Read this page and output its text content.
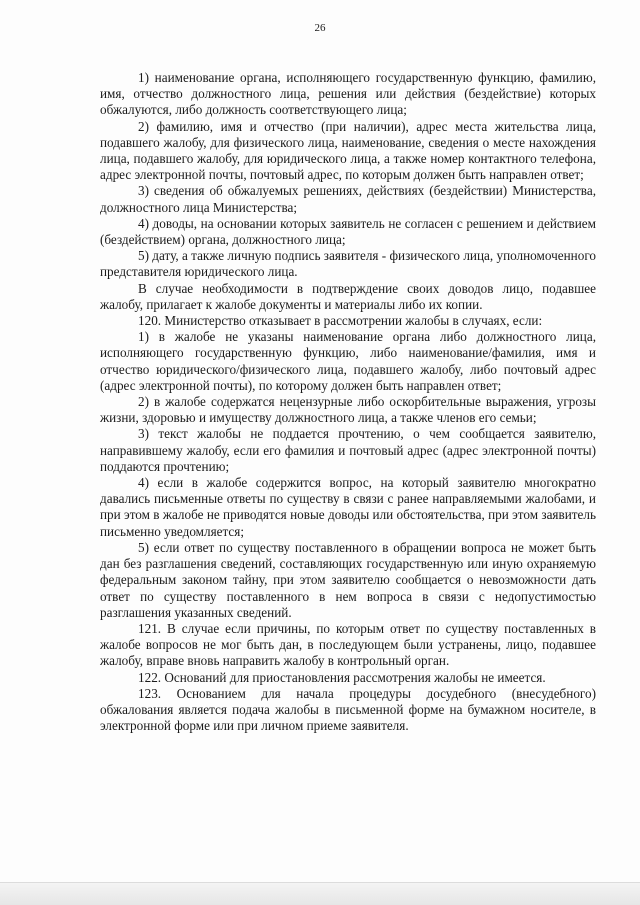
26

1) наименование органа, исполняющего государственную функцию, фамилию, имя, отчество должностного лица, решения или действия (бездействие) которых обжалуются, либо должность соответствующего лица;

2) фамилию, имя и отчество (при наличии), адрес места жительства лица, подавшего жалобу, для физического лица, наименование, сведения о месте нахождения лица, подавшего жалобу, для юридического лица, а также номер контактного телефона, адрес электронной почты, почтовый адрес, по которым должен быть направлен ответ;

3) сведения об обжалуемых решениях, действиях (бездействии) Министерства, должностного лица Министерства;

4) доводы, на основании которых заявитель не согласен с решением и действием (бездействием) органа, должностного лица;

5) дату, а также личную подпись заявителя - физического лица, уполномоченного представителя юридического лица.

В случае необходимости в подтверждение своих доводов лицо, подавшее жалобу, прилагает к жалобе документы и материалы либо их копии.

120. Министерство отказывает в рассмотрении жалобы в случаях, если:

1) в жалобе не указаны наименование органа либо должностного лица, исполняющего государственную функцию, либо наименование/фамилия, имя и отчество юридического/физического лица, подавшего жалобу, либо почтовый адрес (адрес электронной почты), по которому должен быть направлен ответ;

2) в жалобе содержатся нецензурные либо оскорбительные выражения, угрозы жизни, здоровью и имуществу должностного лица, а также членов его семьи;

3) текст жалобы не поддается прочтению, о чем сообщается заявителю, направившему жалобу, если его фамилия и почтовый адрес (адрес электронной почты) поддаются прочтению;

4) если в жалобе содержится вопрос, на который заявителю многократно давались письменные ответы по существу в связи с ранее направляемыми жалобами, и при этом в жалобе не приводятся новые доводы или обстоятельства, при этом заявитель письменно уведомляется;

5) если ответ по существу поставленного в обращении вопроса не может быть дан без разглашения сведений, составляющих государственную или иную охраняемую федеральным законом тайну, при этом заявителю сообщается о невозможности дать ответ по существу поставленного в нем вопроса в связи с недопустимостью разглашения указанных сведений.

121. В случае если причины, по которым ответ по существу поставленных в жалобе вопросов не мог быть дан, в последующем были устранены, лицо, подавшее жалобу, вправе вновь направить жалобу в контрольный орган.

122. Оснований для приостановления рассмотрения жалобы не имеется.

123. Основанием для начала процедуры досудебного (внесудебного) обжалования является подача жалобы в письменной форме на бумажном носителе, в электронной форме или при личном приеме заявителя.
